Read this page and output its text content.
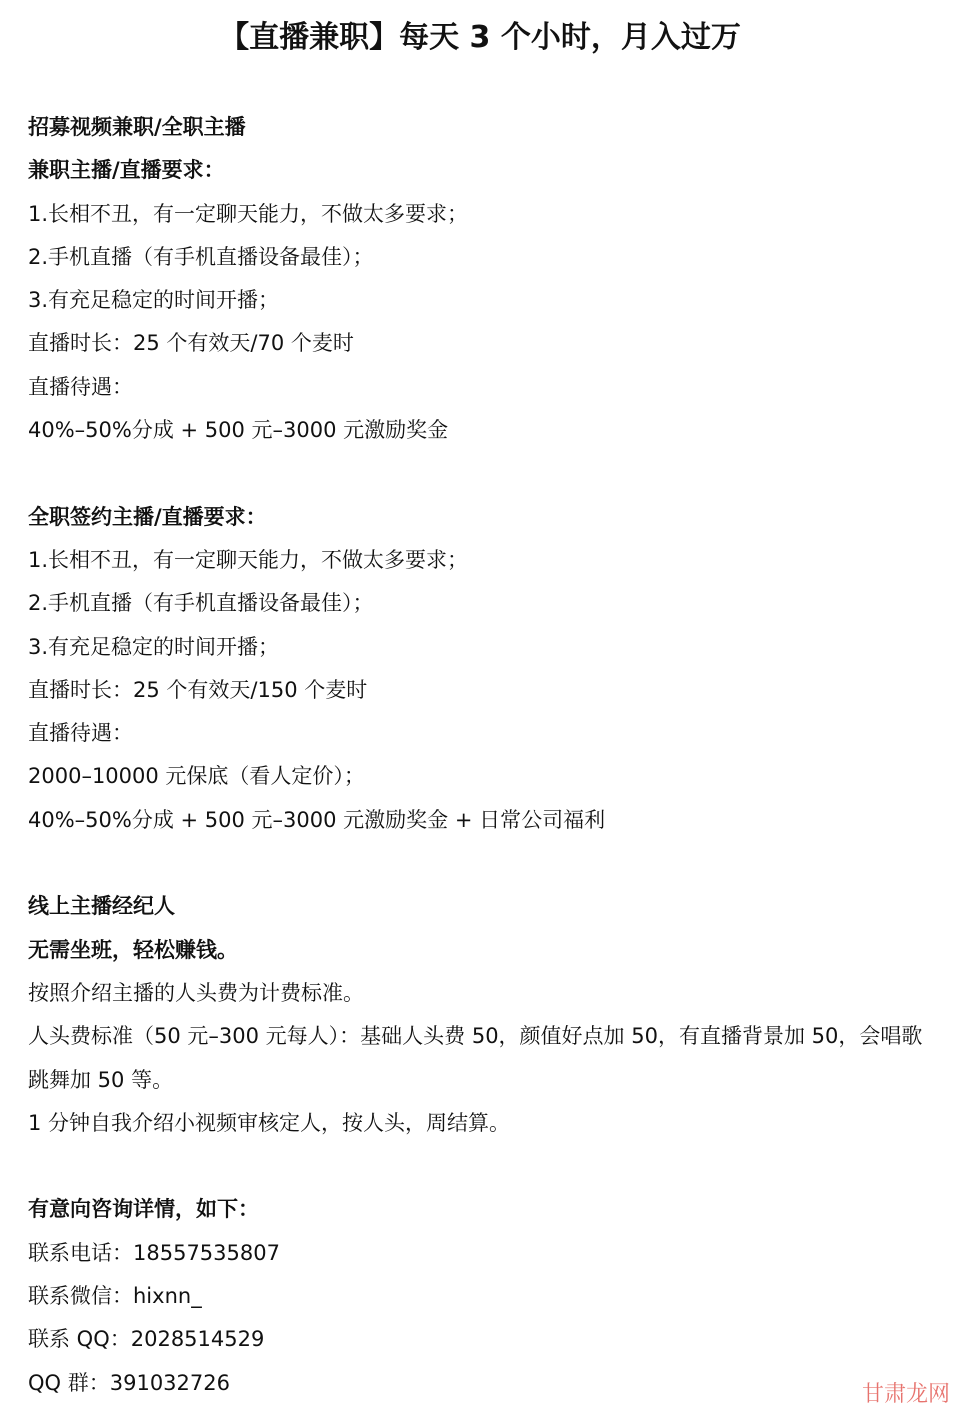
【直播兼职】每天 3 个小时，月入过万
招募视频兼职/全职主播
兼职主播/直播要求：
1.长相不丑，有一定聊天能力，不做太多要求；
2.手机直播（有手机直播设备最佳）；
3.有充足稳定的时间开播；
直播时长：25 个有效天/70 个麦时
直播待遇：
40%–50%分成 + 500 元–3000 元激励奖金
全职签约主播/直播要求：
1.长相不丑，有一定聊天能力，不做太多要求；
2.手机直播（有手机直播设备最佳）；
3.有充足稳定的时间开播；
直播时长：25 个有效天/150 个麦时
直播待遇：
2000–10000 元保底（看人定价）；
40%–50%分成 + 500 元–3000 元激励奖金 + 日常公司福利
线上主播经纪人
无需坐班，轻松赚钱。
按照介绍主播的人头费为计费标准。
人头费标准（50 元–300 元每人）：基础人头费 50，颜值好点加 50，有直播背景加 50，会唱歌跳舞加 50 等。
1 分钟自我介绍小视频审核定人，按人头，周结算。
有意向咨询详情，如下：
联系电话：18557535807
联系微信：hixnn_
联系 QQ：2028514529
QQ 群：391032726	甘肃龙网
